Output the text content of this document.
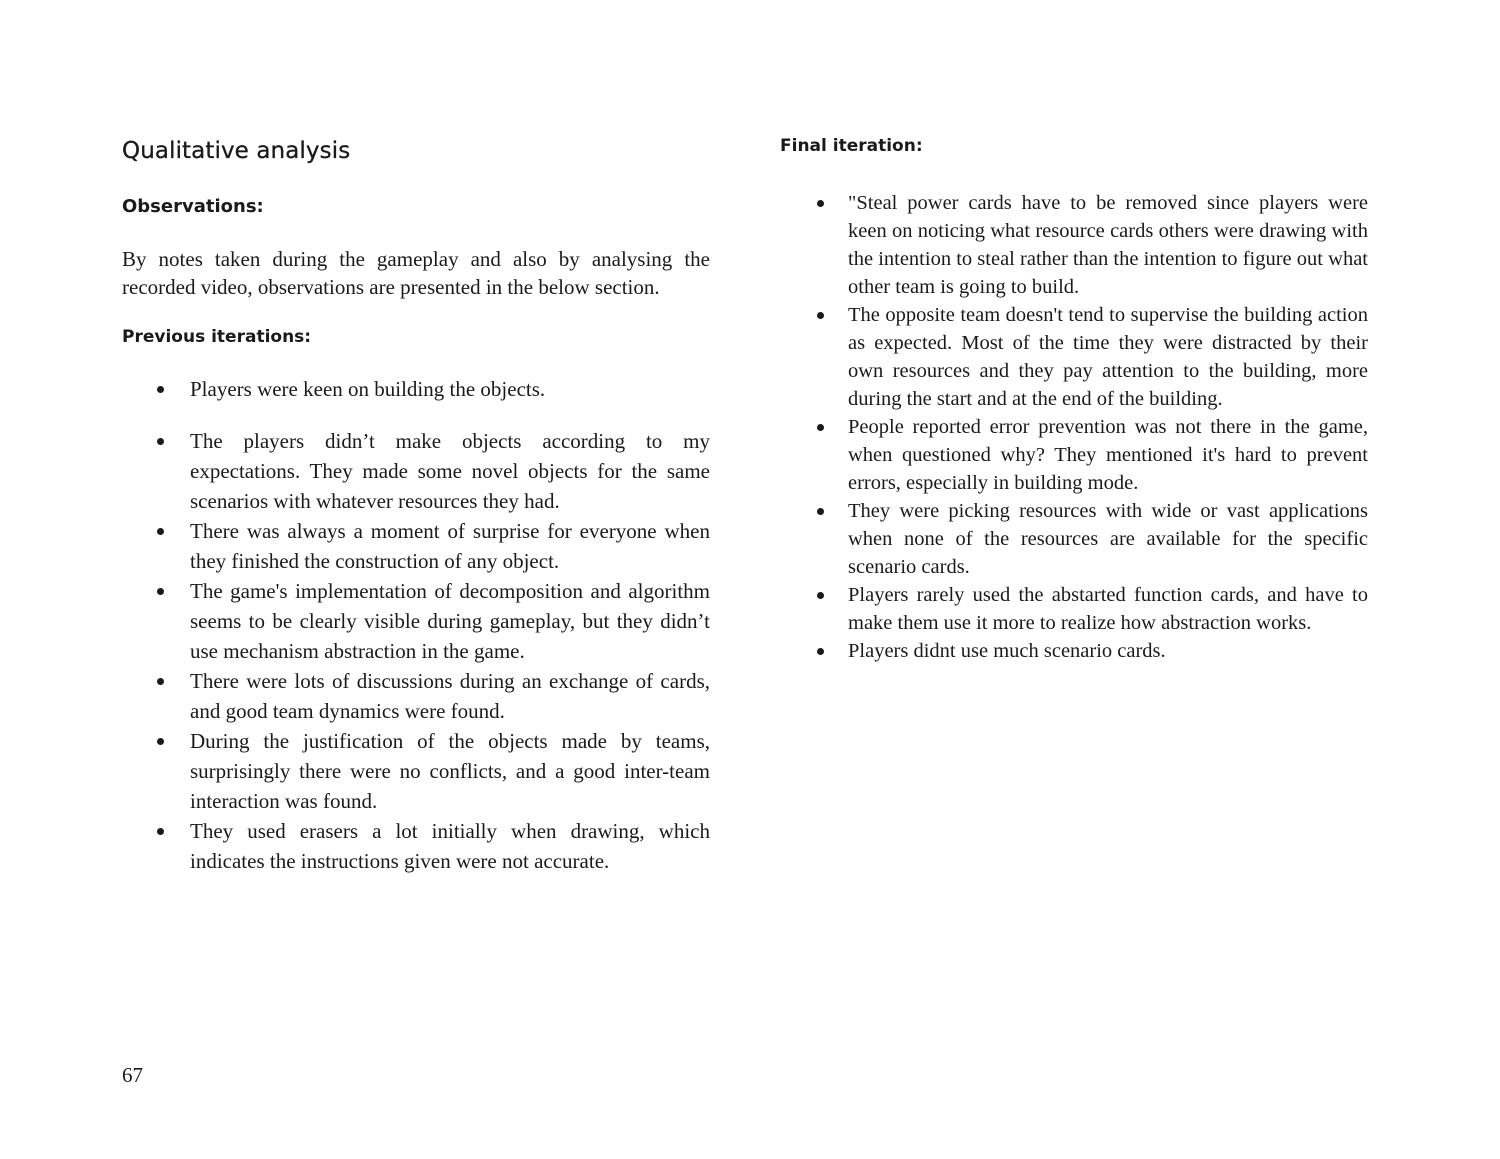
Qualitative analysis
Observations:

By notes taken during the gameplay and also by analysing the recorded video, observations are presented in the below section.

Previous iterations:
Players were keen on building the objects.
The players didn’t make objects according to my expectations. They made some novel objects for the same scenarios with whatever resources they had.
There was always a moment of surprise for everyone when they finished the construction of any object.
The game's implementation of decomposition and algorithm seems to be clearly visible during gameplay, but they didn’t use mechanism abstraction in the game.
There were lots of discussions during an exchange of cards, and good team dynamics were found.
During the justification of the objects made by teams, surprisingly there were no conflicts, and a good inter-team interaction was found.
They used erasers a lot initially when drawing, which indicates the instructions given were not accurate.
Final iteration:
"Steal power cards have to be removed since players were keen on noticing what resource cards others were drawing with the intention to steal rather than the intention to figure out what other team is going to build.
The opposite team doesn't tend to supervise the building action as expected. Most of the time they were distracted by their own resources and they pay attention to the building, more during the start and at the end of the building.
People reported error prevention was not there in the game, when questioned why? They mentioned it's hard to prevent errors, especially in building mode.
They were picking resources with wide or vast applications when none of the resources are available for the specific scenario cards.
Players rarely used the abstarted function cards, and have to make them use it more to realize how abstraction works.
Players didnt use much scenario cards.

67
